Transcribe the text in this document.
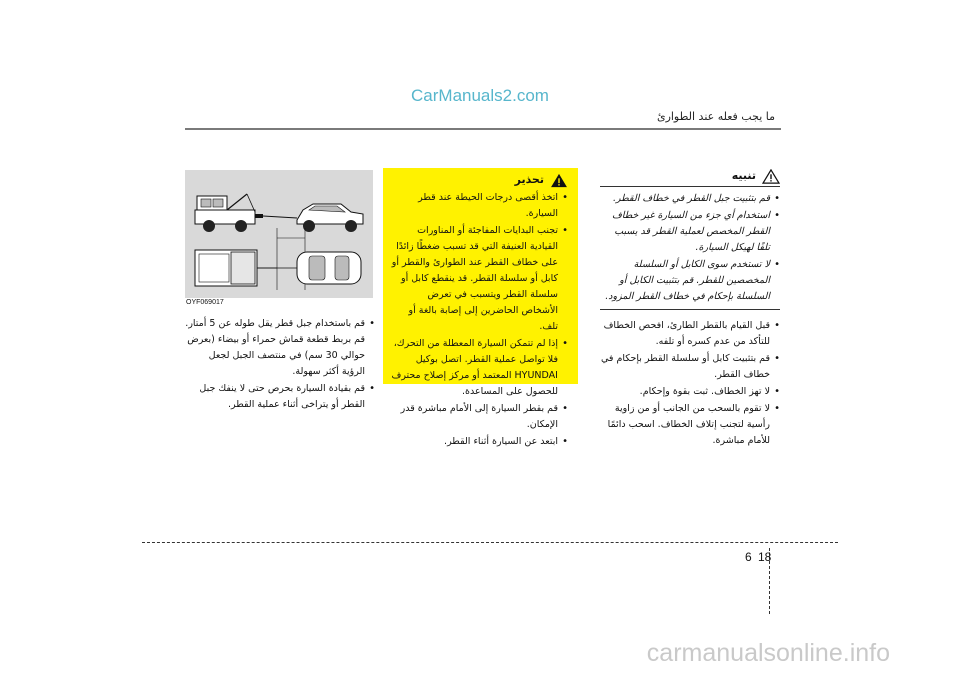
CarManuals2.com
ما يجب فعله عند الطوارئ
تنبيه
• قم بتثبيت جبل القطر في خطاف القطر.
• استخدام أي جزء من السيارة غير خطاف القطر المخصص لعملية القطر قد يسبب تلفًا لهيكل السيارة.
• لا تستخدم سوى الكابل أو السلسلة المخصصين للقطر. قم بتثبيت الكابل أو السلسلة بإحكام في خطاف القطر المزود.
• قبل القيام بالقطر الطارئ، افحص الخطاف للتأكد من عدم كسره أو تلفه.
• قم بتثبيت كابل أو سلسلة القطر بإحكام في خطاف القطر.
• لا تهز الخطاف. ثبت بقوة وإحكام.
• لا تقوم بالسحب من الجانب أو من زاوية رأسية لتجنب إتلاف الخطاف. اسحب دائمًا للأمام مباشرة.
تحذير
• اتخذ أقصى درجات الحيطة عند قطر السيارة.
• تجنب البدايات المفاجئة أو المناورات القيادية العنيفة التي قد تسبب ضغطًا زائدًا على خطاف القطر عند الطوارئ والقطر أو كابل أو سلسلة القطر. قد ينقطع كابل أو سلسلة القطر ويتسبب في تعرض الأشخاص الحاضرين إلى إصابة بالغة أو تلف.
• إذا لم تتمكن السيارة المعطلة من التحرك، فلا تواصل عملية القطر. اتصل بوكيل HYUNDAI المعتمد أو مركز إصلاح محترف للحصول على المساعدة.
• قم بقطر السيارة إلى الأمام مباشرة قدر الإمكان.
• ابتعد عن السيارة أثناء القطر.
OYF069017
• قم باستخدام جبل قطر يقل طوله عن 5 أمتار. قم بربط قطعة قماش حمراء أو بيضاء (بعرض حوالي 30 سم) في منتصف الجبل لجعل الرؤية أكثر سهولة.
• قم بقيادة السيارة بحرص حتى لا ينفك جبل القطر أو يتراخى أثناء عملية القطر.
6 18
carmanualsonline.info
